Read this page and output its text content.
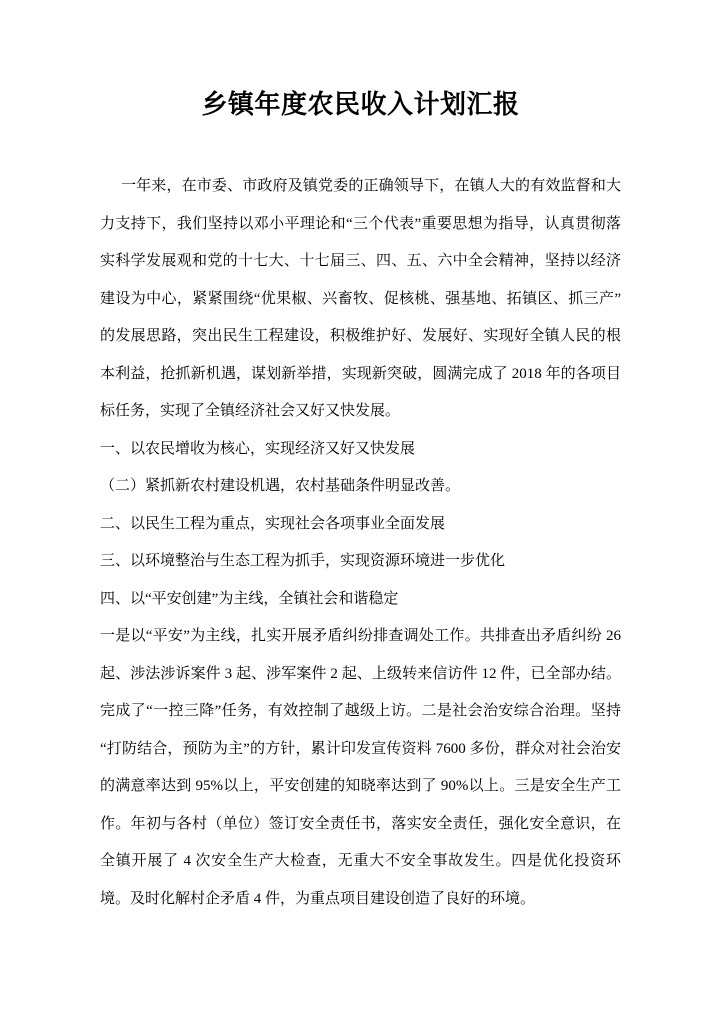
乡镇年度农民收入计划汇报

一年来，在市委、市政府及镇党委的正确领导下，在镇人大的有效监督和大力支持下，我们坚持以邓小平理论和“三个代表”重要思想为指导，认真贯彻落实科学发展观和党的十七大、十七届三、四、五、六中全会精神，坚持以经济建设为中心，紧紧围绕“优果椒、兴畜牧、促核桃、强基地、拓镇区、抓三产”的发展思路，突出民生工程建设，积极维护好、发展好、实现好全镇人民的根本利益，抢抓新机遇，谋划新举措，实现新突破，圆满完成了 2018 年的各项目标任务，实现了全镇经济社会又好又快发展。

一、以农民增收为核心，实现经济又好又快发展

（二）紧抓新农村建设机遇，农村基础条件明显改善。

二、以民生工程为重点，实现社会各项事业全面发展

三、以环境整治与生态工程为抓手，实现资源环境进一步优化

四、以“平安创建”为主线，全镇社会和谐稳定

一是以“平安”为主线，扎实开展矛盾纠纷排查调处工作。共排查出矛盾纠纷 26 起、涉法涉诉案件 3 起、涉军案件 2 起、上级转来信访件 12 件，已全部办结。完成了“一控三降”任务，有效控制了越级上访。二是社会治安综合治理。坚持“打防结合，预防为主”的方针，累计印发宣传资料 7600 多份，群众对社会治安的满意率达到 95%以上，平安创建的知晓率达到了 90%以上。三是安全生产工作。年初与各村（单位）签订安全责任书，落实安全责任，强化安全意识，在全镇开展了 4 次安全生产大检查，无重大不安全事故发生。四是优化投资环境。及时化解村企矛盾 4 件，为重点项目建设创造了良好的环境。
